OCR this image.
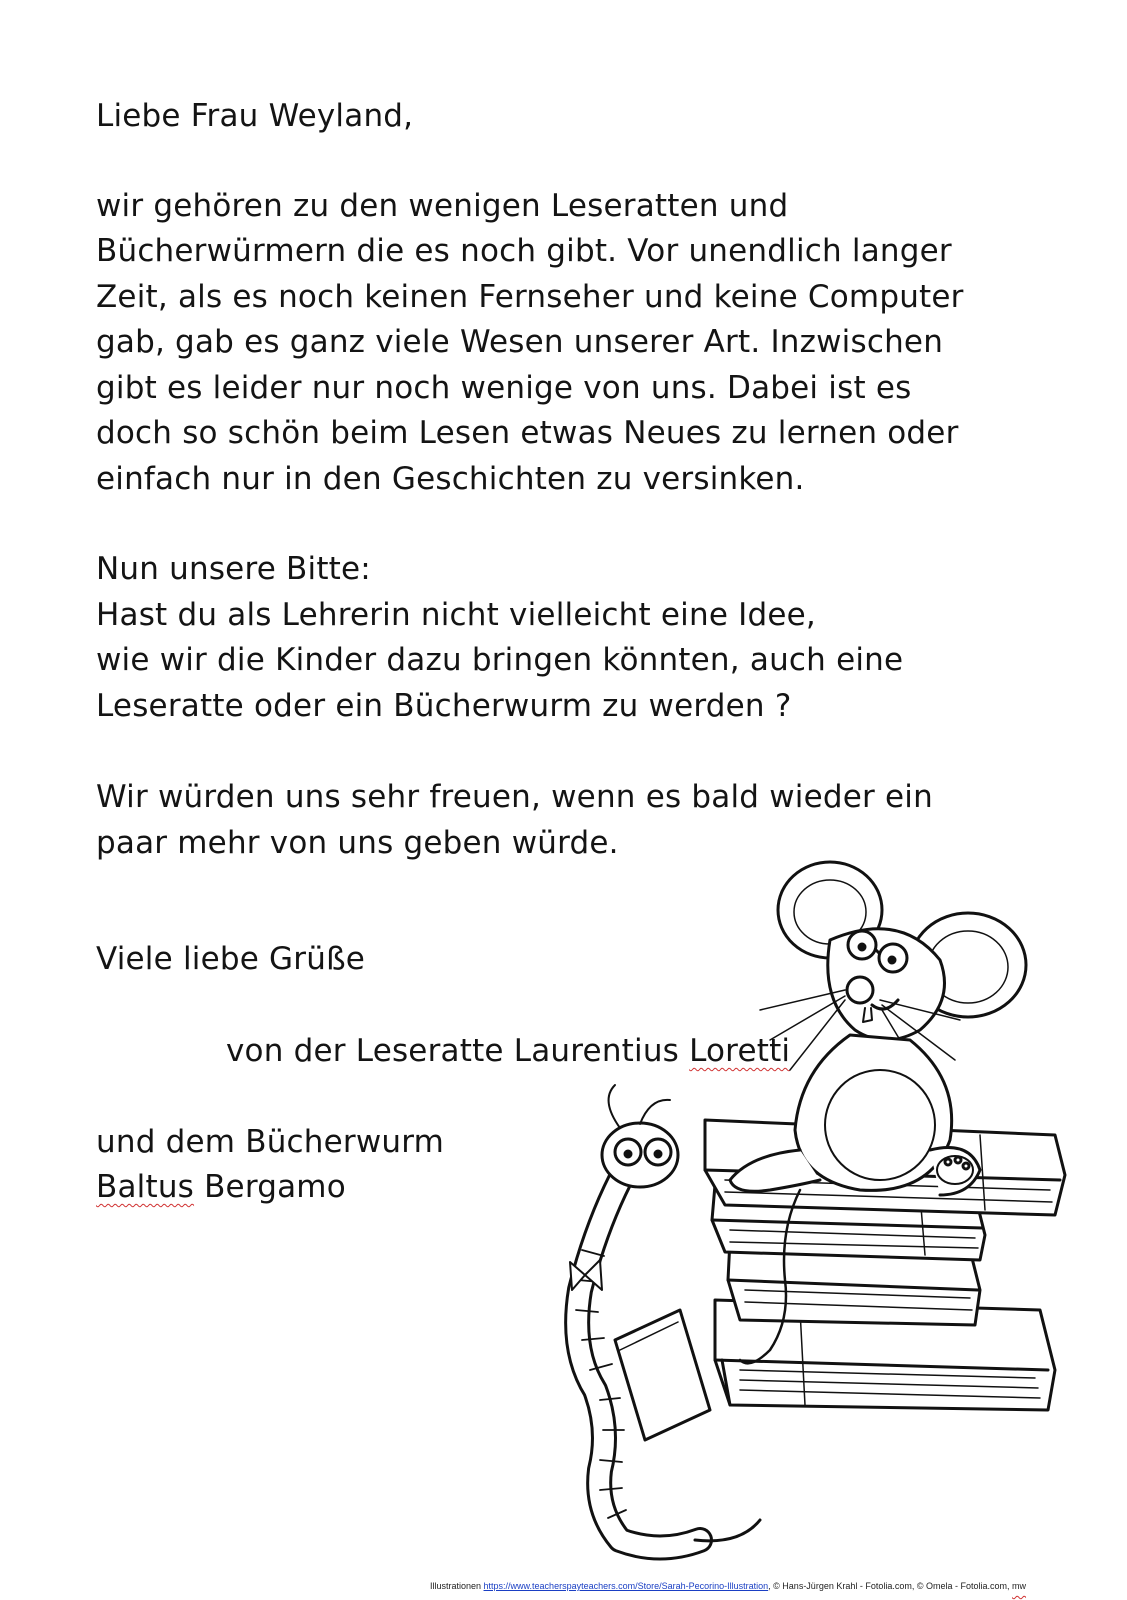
Liebe Frau Weyland,

wir gehören zu den wenigen Leseratten und

Bücherwürmern die es noch gibt. Vor unendlich langer

Zeit, als es noch keinen Fernseher und keine Computer

gab, gab es ganz viele Wesen unserer Art. Inzwischen

gibt es leider nur noch wenige von uns. Dabei ist es

doch so schön beim Lesen etwas Neues zu lernen oder

einfach nur in den Geschichten zu versinken.

Nun unsere Bitte:

Hast du als Lehrerin nicht vielleicht eine Idee,

wie wir die Kinder dazu bringen könnten, auch eine

Leseratte oder ein Bücherwurm zu werden ?

Wir würden uns sehr freuen, wenn es bald wieder ein

paar mehr von uns geben würde.

Viele liebe Grüße

von der Leseratte Laurentius Loretti

und dem Bücherwurm

Baltus Bergamo

Illustrationen https://www.teacherspayteachers.com/Store/Sarah-Pecorino-Illustration, © Hans-Jürgen Krahl - Fotolia.com, © Omela - Fotolia.com, mw
